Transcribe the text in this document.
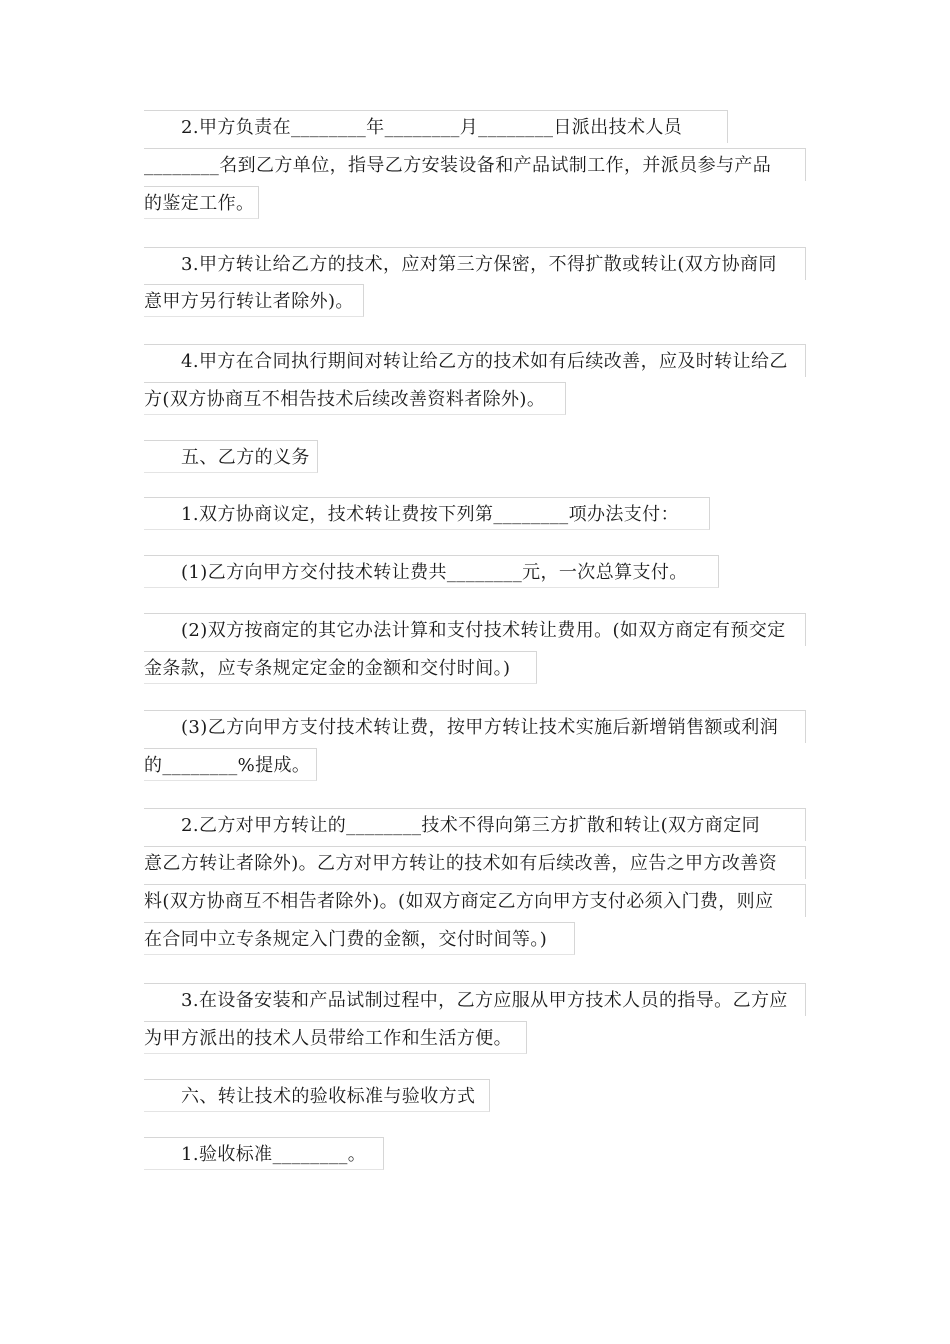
2.甲方负责在________年________月________日派出技术人员
________名到乙方单位，指导乙方安装设备和产品试制工作，并派员参与产品
的鉴定工作。
3.甲方转让给乙方的技术，应对第三方保密，不得扩散或转让(双方协商同
意甲方另行转让者除外)。
4.甲方在合同执行期间对转让给乙方的技术如有后续改善，应及时转让给乙
方(双方协商互不相告技术后续改善资料者除外)。
五、乙方的义务
1.双方协商议定，技术转让费按下列第________项办法支付：
(1)乙方向甲方交付技术转让费共________元，一次总算支付。
(2)双方按商定的其它办法计算和支付技术转让费用。(如双方商定有预交定
金条款，应专条规定定金的金额和交付时间。)
(3)乙方向甲方支付技术转让费，按甲方转让技术实施后新增销售额或利润
的________%提成。
2.乙方对甲方转让的________技术不得向第三方扩散和转让(双方商定同
意乙方转让者除外)。乙方对甲方转让的技术如有后续改善，应告之甲方改善资
料(双方协商互不相告者除外)。(如双方商定乙方向甲方支付必须入门费，则应
在合同中立专条规定入门费的金额，交付时间等。)
3.在设备安装和产品试制过程中，乙方应服从甲方技术人员的指导。乙方应
为甲方派出的技术人员带给工作和生活方便。
六、转让技术的验收标准与验收方式
1.验收标准________。
